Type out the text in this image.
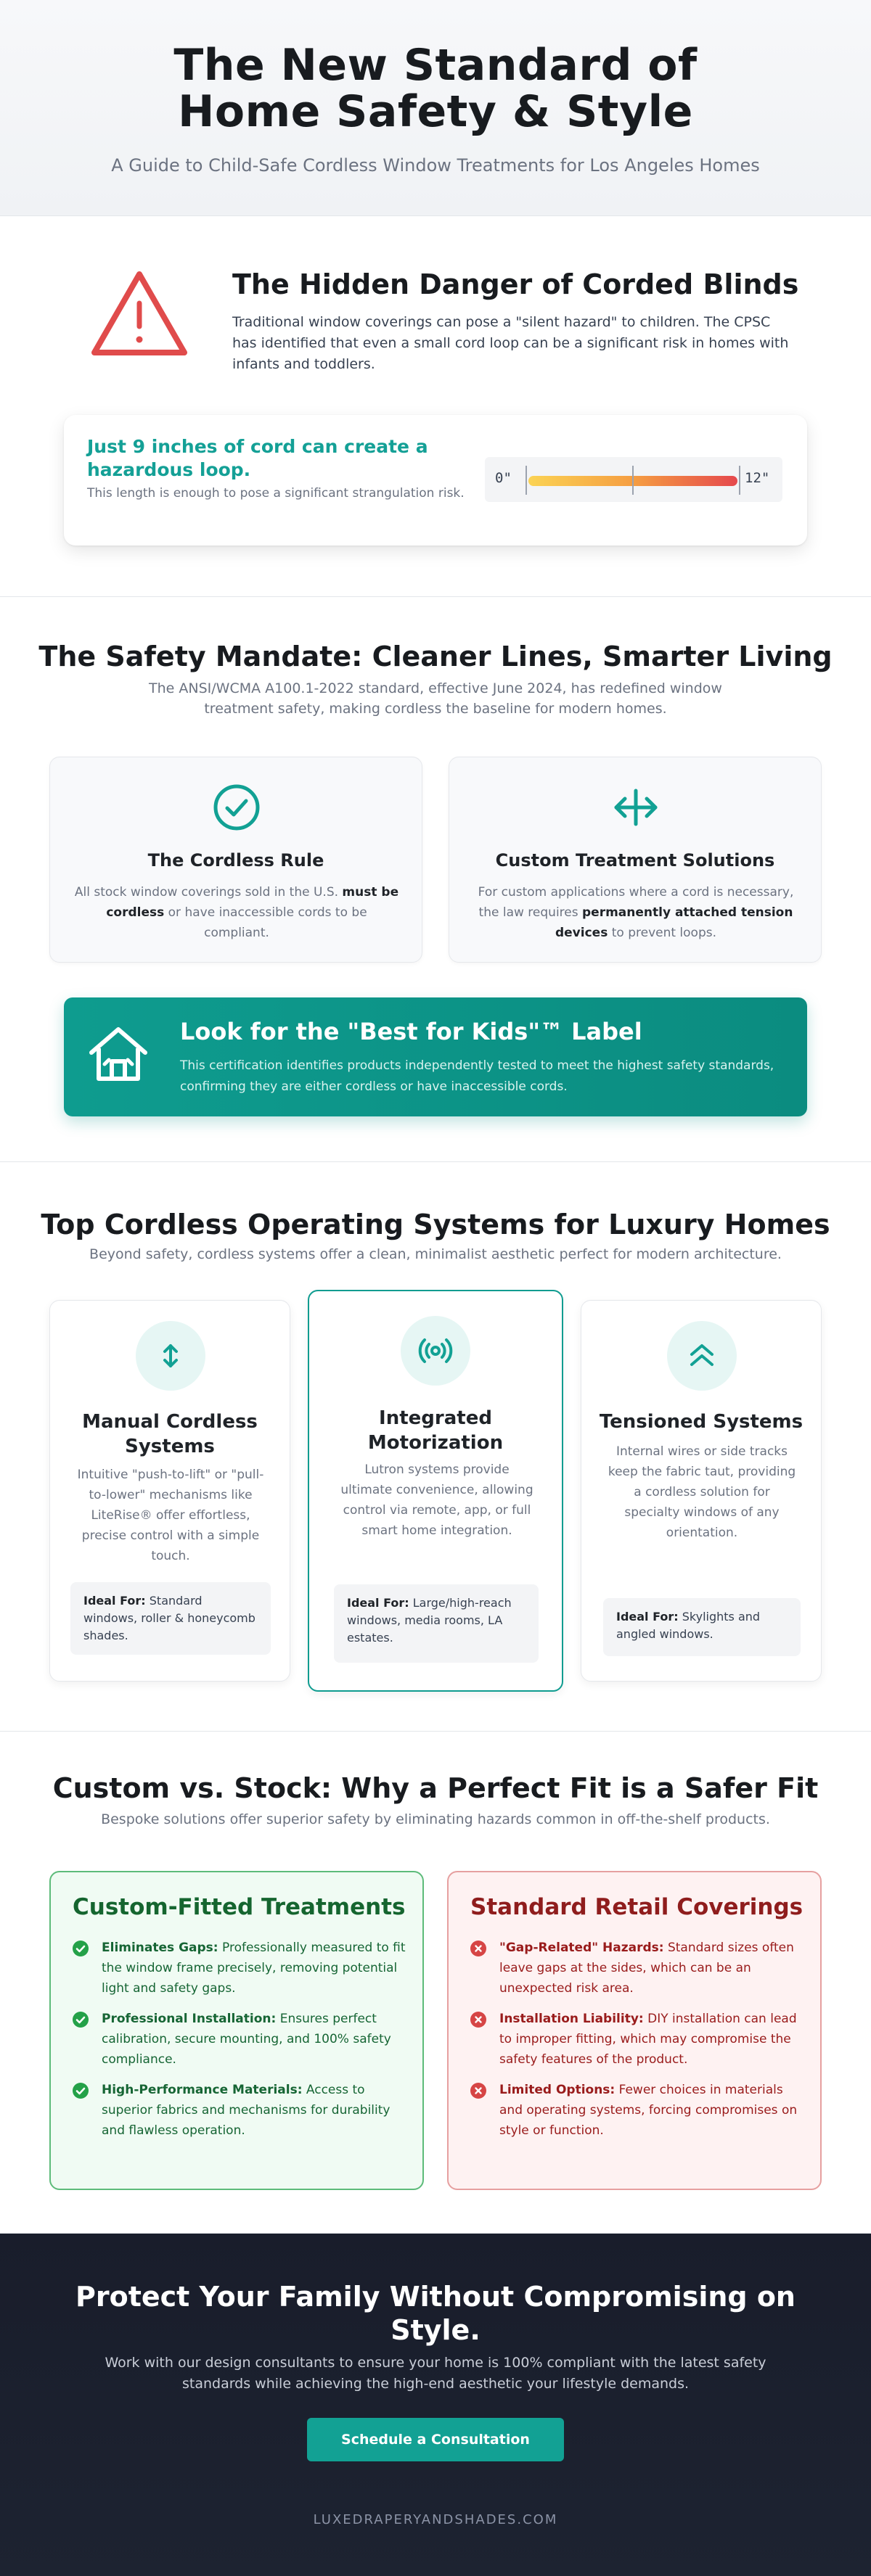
The New Standard of Home Safety & Style
A Guide to Child-Safe Cordless Window Treatments for Los Angeles Homes
The Hidden Danger of Corded Blinds

Traditional window coverings can pose a "silent hazard" to children. The CPSC has identified that even a small cord loop can be a significant risk in homes with infants and toddlers.

Just 9 inches of cord can create a hazardous loop.
This length is enough to pose a significant strangulation risk.
0"	12"
The Safety Mandate: Cleaner Lines, Smarter Living

The ANSI/WCMA A100.1-2022 standard, effective June 2024, has redefined window treatment safety, making cordless the baseline for modern homes.

The Cordless Rule

All stock window coverings sold in the U.S. must be cordless or have inaccessible cords to be compliant.

Custom Treatment Solutions

For custom applications where a cord is necessary, the law requires permanently attached tension devices to prevent loops.

Look for the "Best for Kids"™ Label

This certification identifies products independently tested to meet the highest safety standards, confirming they are either cordless or have inaccessible cords.

Top Cordless Operating Systems for Luxury Homes

Beyond safety, cordless systems offer a clean, minimalist aesthetic perfect for modern architecture.

Manual Cordless Systems

Intuitive "push-to-lift" or "pull-to-lower" mechanisms like LiteRise® offer effortless, precise control with a simple touch.

Ideal For: Standard windows, roller & honeycomb shades.
Integrated Motorization

Lutron systems provide ultimate convenience, allowing control via remote, app, or full smart home integration.

Ideal For: Large/high-reach windows, media rooms, LA estates.
Tensioned Systems

Internal wires or side tracks keep the fabric taut, providing a cordless solution for specialty windows of any orientation.

Ideal For: Skylights and angled windows.
Custom vs. Stock: Why a Perfect Fit is a Safer Fit

Bespoke solutions offer superior safety by eliminating hazards common in off-the-shelf products.

Custom-Fitted Treatments
Eliminates Gaps: Professionally measured to fit the window frame precisely, removing potential light and safety gaps.
Professional Installation: Ensures perfect calibration, secure mounting, and 100% safety compliance.
High-Performance Materials: Access to superior fabrics and mechanisms for durability and flawless operation.
Standard Retail Coverings
"Gap-Related" Hazards: Standard sizes often leave gaps at the sides, which can be an unexpected risk area.
Installation Liability: DIY installation can lead to improper fitting, which may compromise the safety features of the product.
Limited Options: Fewer choices in materials and operating systems, forcing compromises on style or function.
Protect Your Family Without Compromising on Style.

Work with our design consultants to ensure your home is 100% compliant with the latest safety standards while achieving the high-end aesthetic your lifestyle demands.

Schedule a Consultation
LUXEDRAPERYANDSHADES.COM
